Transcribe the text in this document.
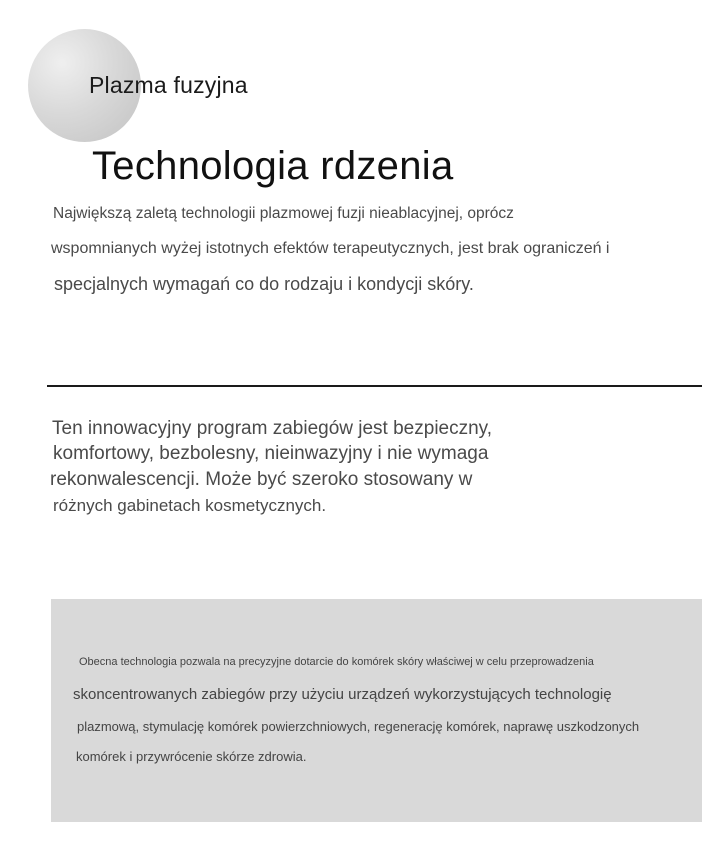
Plazma fuzyjna
Technologia rdzenia
Największą zaletą technologii plazmowej fuzji nieablacyjnej, oprócz
wspomnianych wyżej istotnych efektów terapeutycznych, jest brak ograniczeń i
specjalnych wymagań co do rodzaju i kondycji skóry.
Ten innowacyjny program zabiegów jest bezpieczny,
komfortowy, bezbolesny, nieinwazyjny i nie wymaga
rekonwalescencji. Może być szeroko stosowany w
różnych gabinetach kosmetycznych.
Obecna technologia pozwala na precyzyjne dotarcie do komórek skóry właściwej w celu przeprowadzenia
skoncentrowanych zabiegów przy użyciu urządzeń wykorzystujących technologię
plazmową, stymulację komórek powierzchniowych, regenerację komórek, naprawę uszkodzonych
komórek i przywrócenie skórze zdrowia.
